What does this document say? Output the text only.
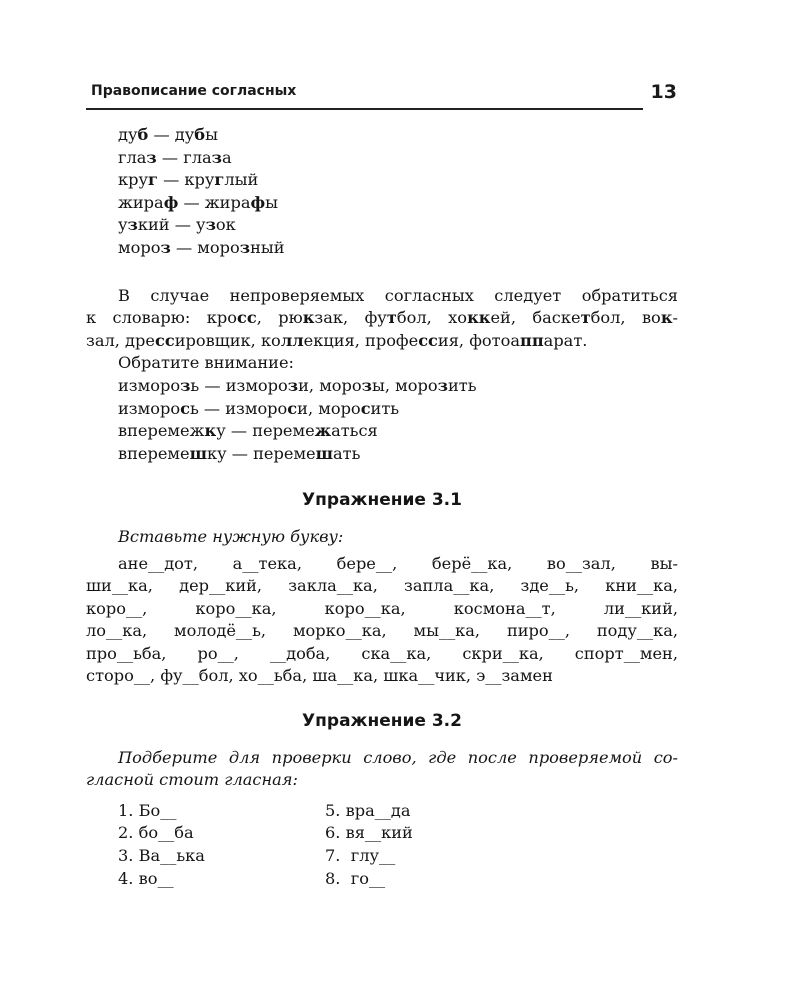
Правописание согласных	13
дуб — дубы
глаз — глаза
круг — круглый
жираф — жирафы
узкий — узок
мороз — морозный
В случае непроверяемых согласных следует обратиться
к словарю: кросс, рюкзак, футбол, хоккей, баскетбол, вок-
зал, дрессировщик, коллекция, профессия, фотоаппарат.
Обратите внимание:
изморозь — изморози, морозы, морозить
изморось — измороси, моросить
вперемежку — перемежаться
вперемешку — перемешать
Упражнение 3.1
Вставьте нужную букву:
ане__дот, а__тека, бере__, берё__ка, во__зал, вы-
ши__ка, дер__кий, закла__ка, запла__ка, зде__ь, кни__ка,
коро__, коро__ка, коро__ка, космона__т, ли__кий,
ло__ка, молодё__ь, морко__ка, мы__ка, пиро__, поду__ка,
про__ьба, ро__, __доба, ска__ка, скри__ка, спорт__мен,
сторо__, фу__бол, хо__ьба, ша__ка, шка__чик, э__замен
Упражнение 3.2
Подберите для проверки слово, где после проверяемой со-
гласной стоит гласная:
1. Бо__
2. бо__ба
3. Ва__ька
4. во__
5. вра__да
6. вя__кий
7.  глу__
8.  го__
